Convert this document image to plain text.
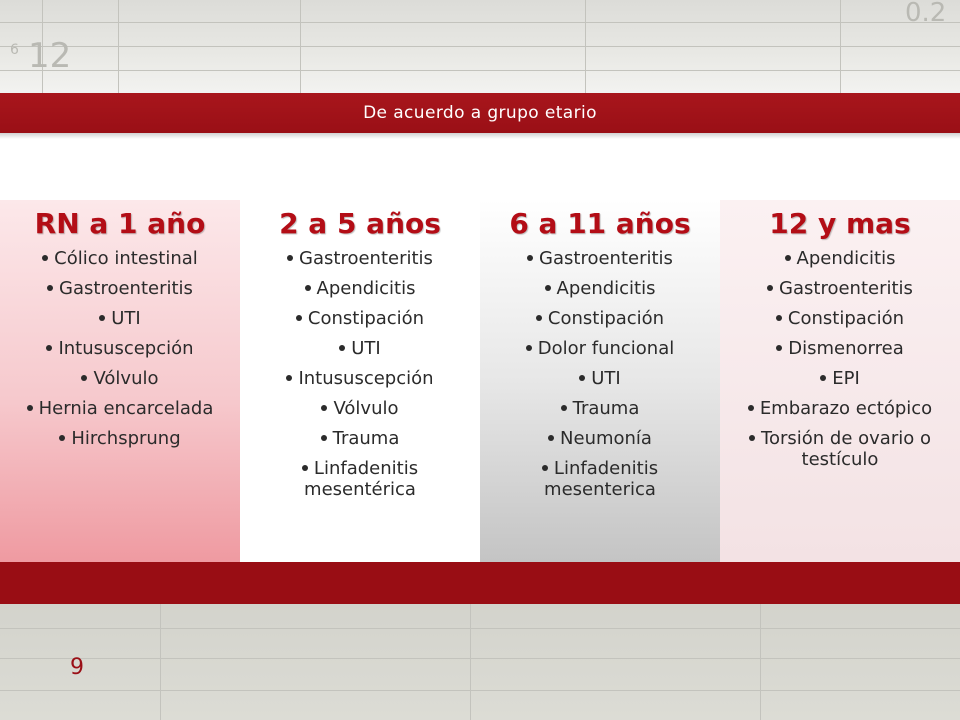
6 12
0.2
De acuerdo a grupo etario
RN a 1 año
Cólico intestinal
Gastroenteritis
UTI
Intususcepción
Vólvulo
Hernia encarcelada
Hirchsprung
2 a 5 años
Gastroenteritis
Apendicitis
Constipación
UTI
Intususcepción
Vólvulo
Trauma
Linfadenitis mesentérica
6 a 11 años
Gastroenteritis
Apendicitis
Constipación
Dolor funcional
UTI
Trauma
Neumonía
Linfadenitis mesenterica
12 y mas
Apendicitis
Gastroenteritis
Constipación
Dismenorrea
EPI
Embarazo ectópico
Torsión de ovario o testículo
9
